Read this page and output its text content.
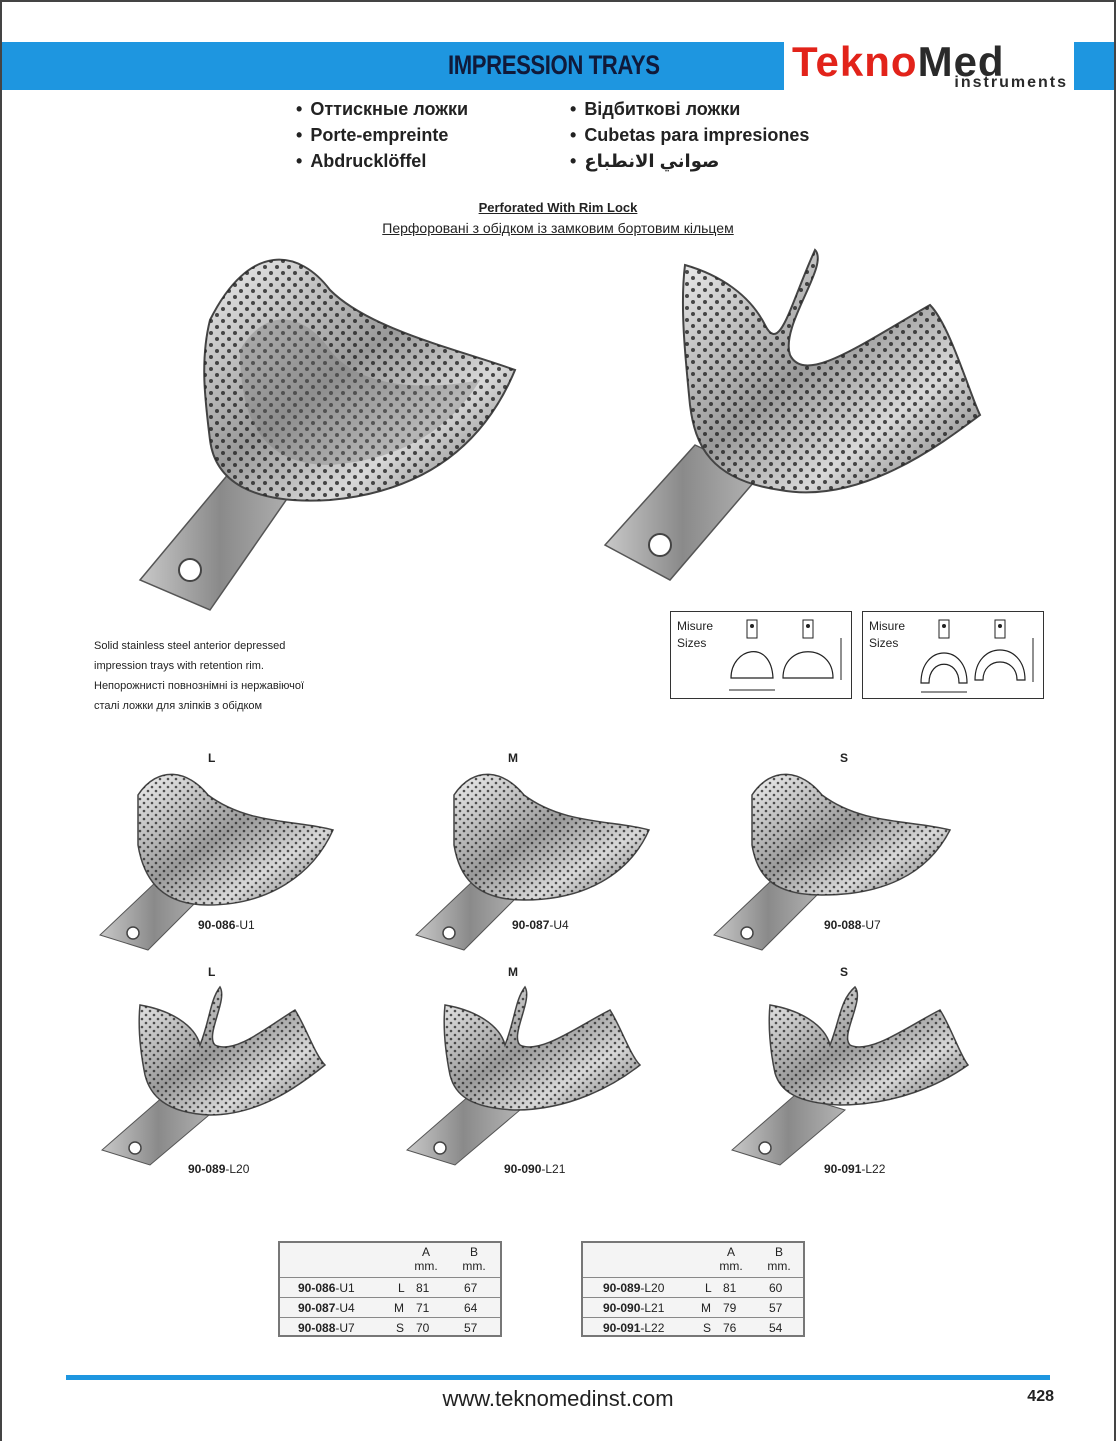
IMPRESSION TRAYS	TeknoMed
instruments
• Оттискные ложки
• Porte-empreinte
• Abdrucklöffel
• Відбиткові ложки
• Cubetas para impresiones
• صواني الانطباع
Perforated With Rim Lock
Перфоровані з обідком із замковим бортовим кільцем
Solid stainless steel anterior depressed
impression trays with retention rim.
Непорожнисті повнознімні із нержавіючої
сталі ложки для зліпків з обідком
Misure
Sizes
Misure
Sizes
L	M	S
90-086-U1	90-087-U4	90-088-U7
L	M	S
90-089-L20	90-090-L21	90-091-L22
A
mm.
B
mm.
90-086-U1	L 81	67
90-087-U4	M 71	64
90-088-U7	S 70	57
A
mm.
B
mm.
90-089-L20	L 81	60
90-090-L21	M 79	57
90-091-L22	S 76	54
www.teknomedinst.com	428
